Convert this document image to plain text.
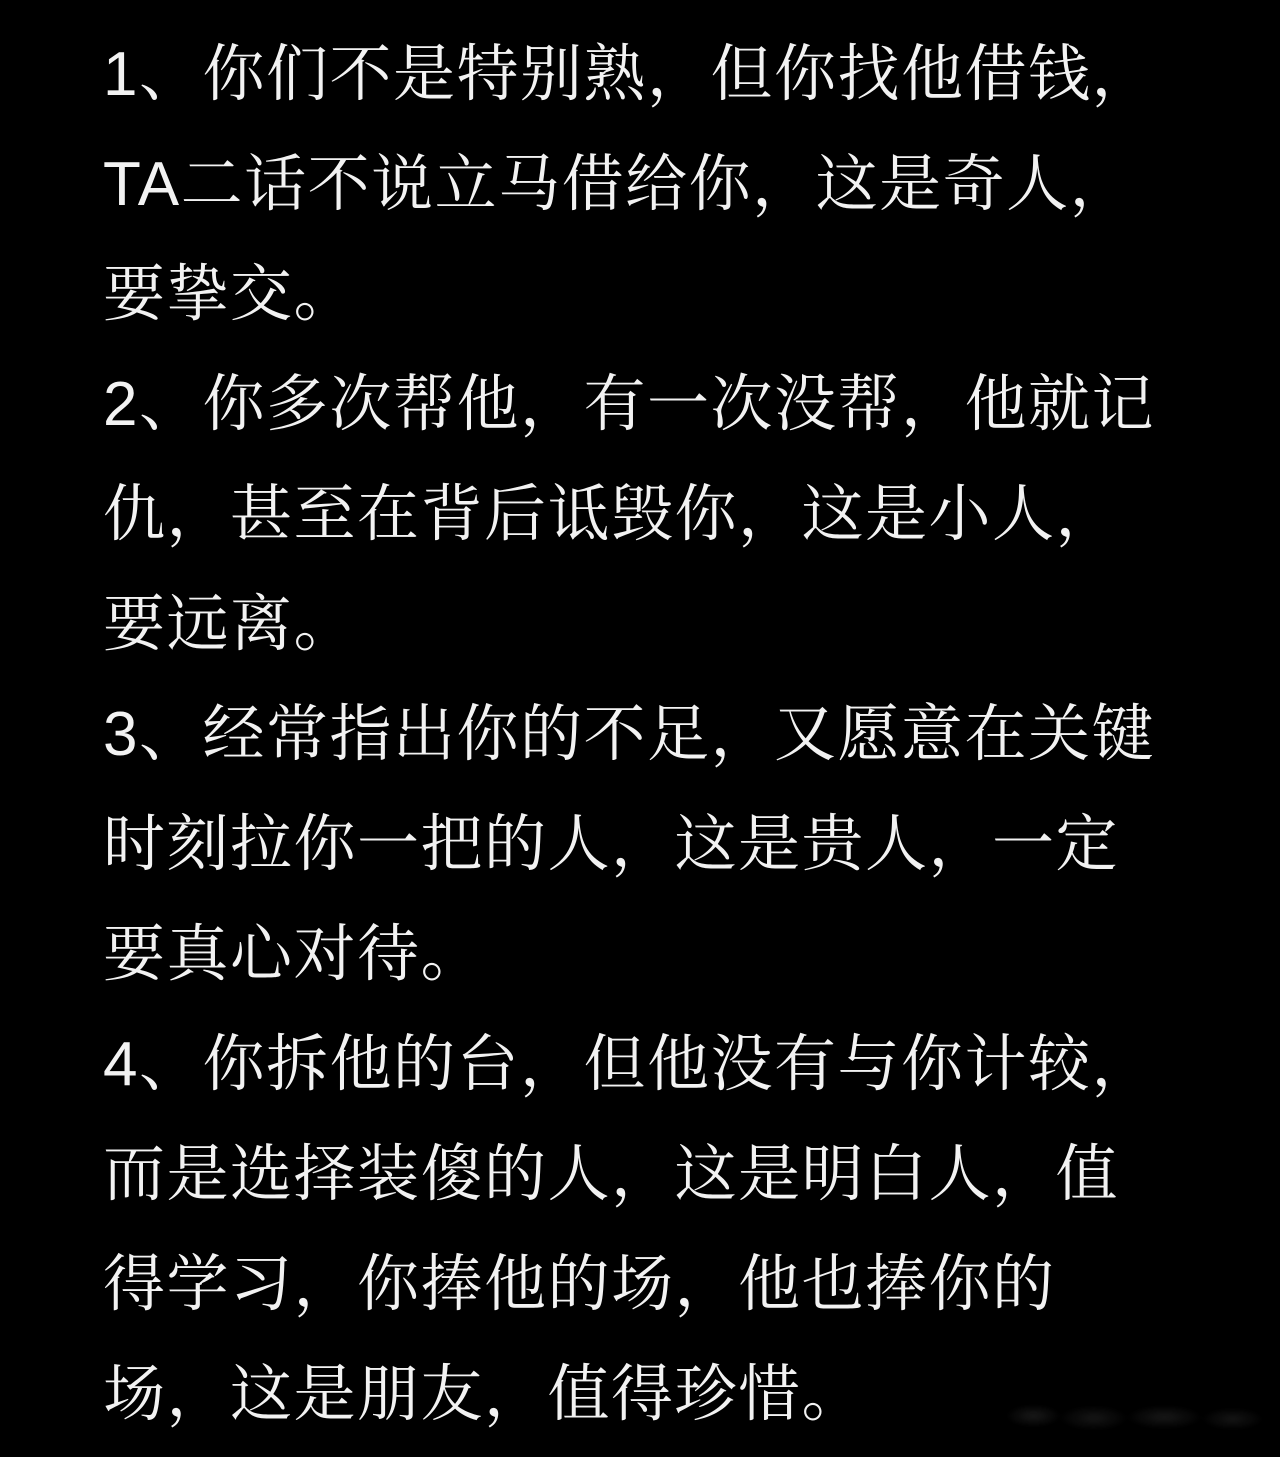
1、你们不是特别熟，但你找他借钱，
TA二话不说立马借给你，这是奇人，
要挚交。
2、你多次帮他，有一次没帮，他就记
仇，甚至在背后诋毁你，这是小人，
要远离。
3、经常指出你的不足，又愿意在关键
时刻拉你一把的人，这是贵人，一定
要真心对待。
4、你拆他的台，但他没有与你计较，
而是选择装傻的人，这是明白人，值
得学习，你捧他的场，他也捧你的
场，这是朋友，值得珍惜。
